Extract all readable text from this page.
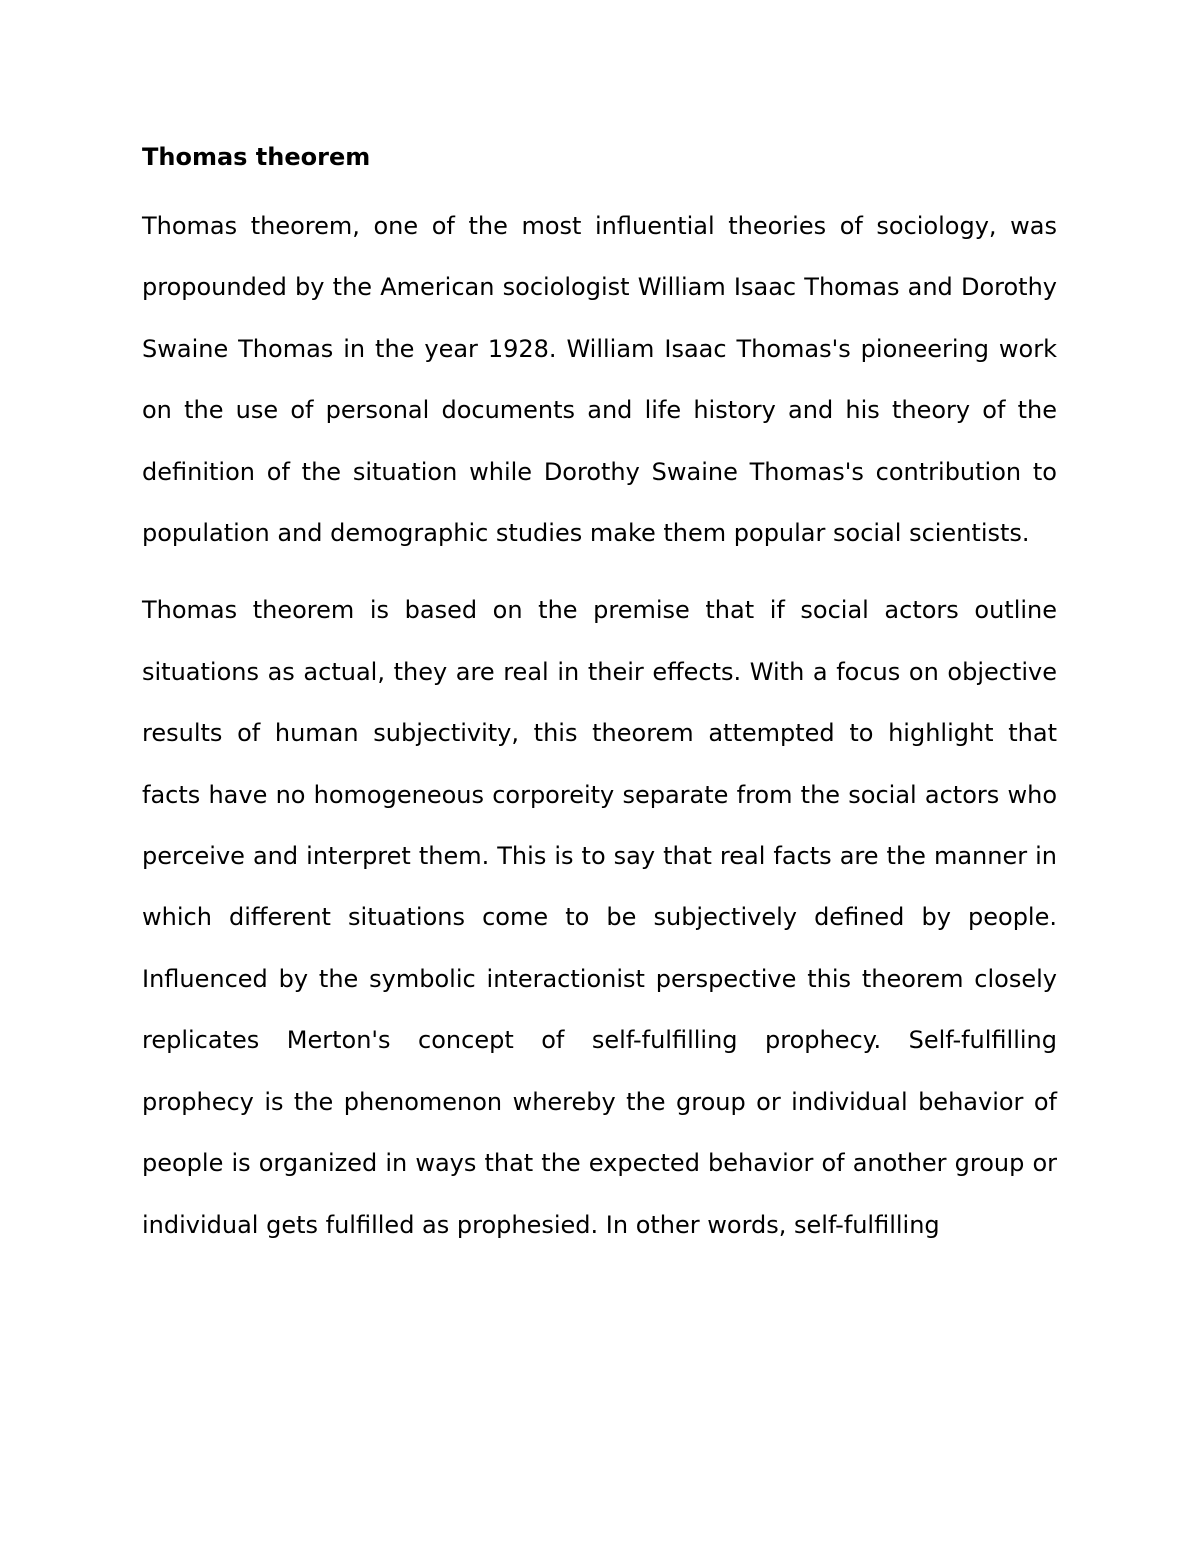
Thomas theorem

Thomas theorem, one of the most influential theories of sociology, was propounded by the American sociologist William Isaac Thomas and Dorothy Swaine Thomas in the year 1928. William Isaac Thomas's pioneering work on the use of personal documents and life history and his theory of the definition of the situation while Dorothy Swaine Thomas's contribution to population and demographic studies make them popular social scientists.

Thomas theorem is based on the premise that if social actors outline situations as actual, they are real in their effects. With a focus on objective results of human subjectivity, this theorem attempted to highlight that facts have no homogeneous corporeity separate from the social actors who perceive and interpret them. This is to say that real facts are the manner in which different situations come to be subjectively defined by people. Influenced by the symbolic interactionist perspective this theorem closely replicates Merton's concept of self-fulfilling prophecy. Self-fulfilling prophecy is the phenomenon whereby the group or individual behavior of people is organized in ways that the expected behavior of another group or individual gets fulfilled as prophesied. In other words, self-fulfilling
